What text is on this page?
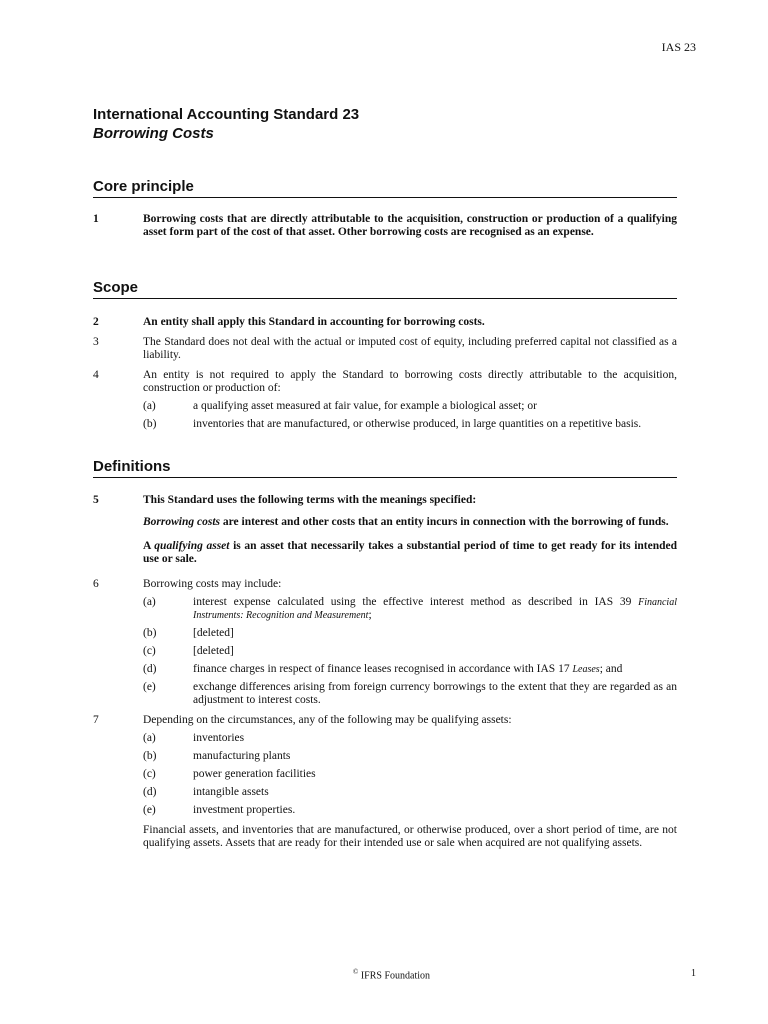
IAS 23
International Accounting Standard 23
Borrowing Costs
Core principle
1	Borrowing costs that are directly attributable to the acquisition, construction or production of a qualifying asset form part of the cost of that asset. Other borrowing costs are recognised as an expense.
Scope
2	An entity shall apply this Standard in accounting for borrowing costs.
3	The Standard does not deal with the actual or imputed cost of equity, including preferred capital not classified as a liability.
4	An entity is not required to apply the Standard to borrowing costs directly attributable to the acquisition, construction or production of:
(a)	a qualifying asset measured at fair value, for example a biological asset; or
(b)	inventories that are manufactured, or otherwise produced, in large quantities on a repetitive basis.
Definitions
5	This Standard uses the following terms with the meanings specified:
Borrowing costs are interest and other costs that an entity incurs in connection with the borrowing of funds.
A qualifying asset is an asset that necessarily takes a substantial period of time to get ready for its intended use or sale.
6	Borrowing costs may include:
(a)	interest expense calculated using the effective interest method as described in IAS 39 Financial Instruments: Recognition and Measurement;
(b)	[deleted]
(c)	[deleted]
(d)	finance charges in respect of finance leases recognised in accordance with IAS 17 Leases; and
(e)	exchange differences arising from foreign currency borrowings to the extent that they are regarded as an adjustment to interest costs.
7	Depending on the circumstances, any of the following may be qualifying assets:
(a)	inventories
(b)	manufacturing plants
(c)	power generation facilities
(d)	intangible assets
(e)	investment properties.
Financial assets, and inventories that are manufactured, or otherwise produced, over a short period of time, are not qualifying assets. Assets that are ready for their intended use or sale when acquired are not qualifying assets.
© IFRS Foundation	1
